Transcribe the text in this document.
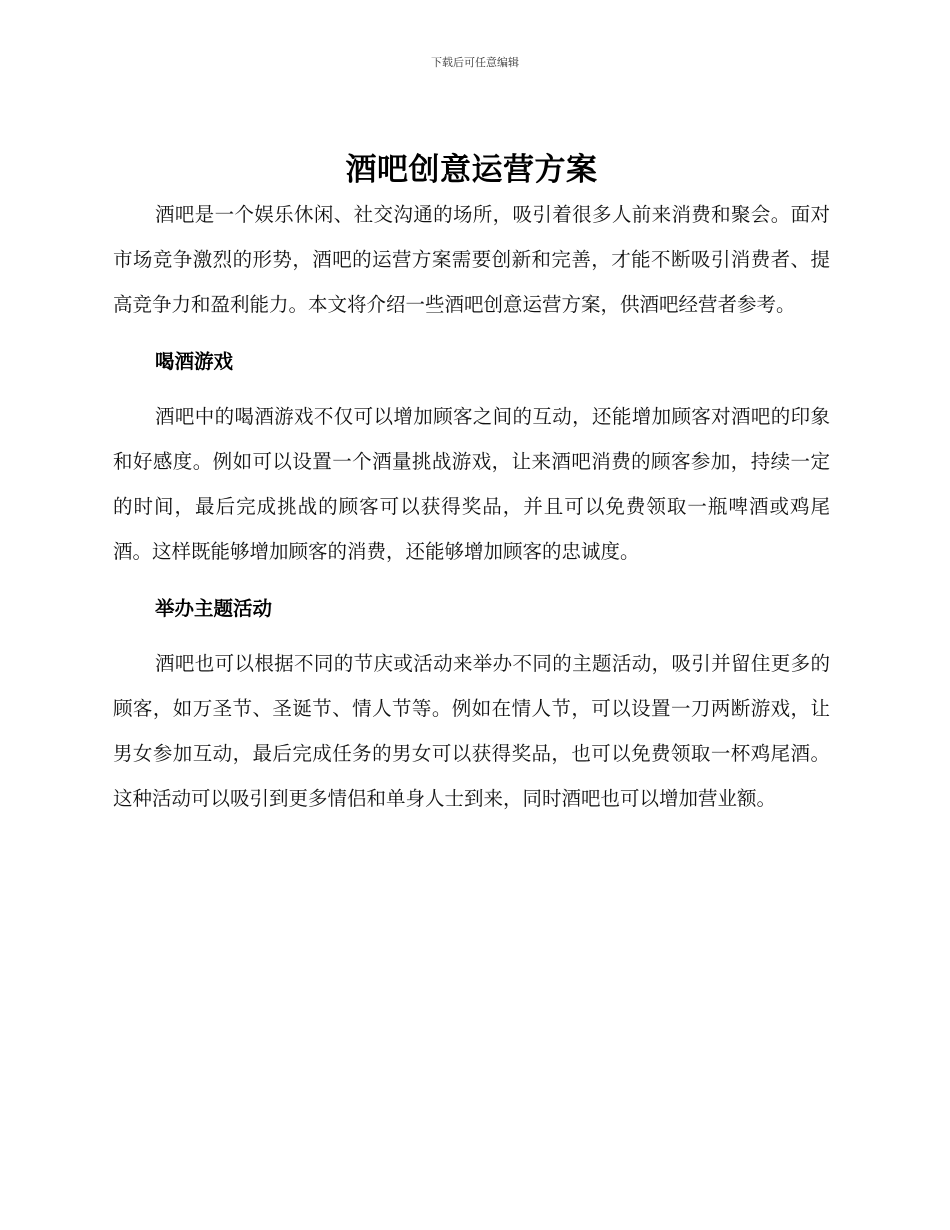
下载后可任意编辑
酒吧创意运营方案

酒吧是一个娱乐休闲、社交沟通的场所，吸引着很多人前来消费和聚会。面对市场竞争激烈的形势，酒吧的运营方案需要创新和完善，才能不断吸引消费者、提高竞争力和盈利能力。本文将介绍一些酒吧创意运营方案，供酒吧经营者参考。

喝酒游戏

酒吧中的喝酒游戏不仅可以增加顾客之间的互动，还能增加顾客对酒吧的印象和好感度。例如可以设置一个酒量挑战游戏，让来酒吧消费的顾客参加，持续一定的时间，最后完成挑战的顾客可以获得奖品，并且可以免费领取一瓶啤酒或鸡尾酒。这样既能够增加顾客的消费，还能够增加顾客的忠诚度。

举办主题活动

酒吧也可以根据不同的节庆或活动来举办不同的主题活动，吸引并留住更多的顾客，如万圣节、圣诞节、情人节等。例如在情人节，可以设置一刀两断游戏，让男女参加互动，最后完成任务的男女可以获得奖品，也可以免费领取一杯鸡尾酒。这种活动可以吸引到更多情侣和单身人士到来，同时酒吧也可以增加营业额。
